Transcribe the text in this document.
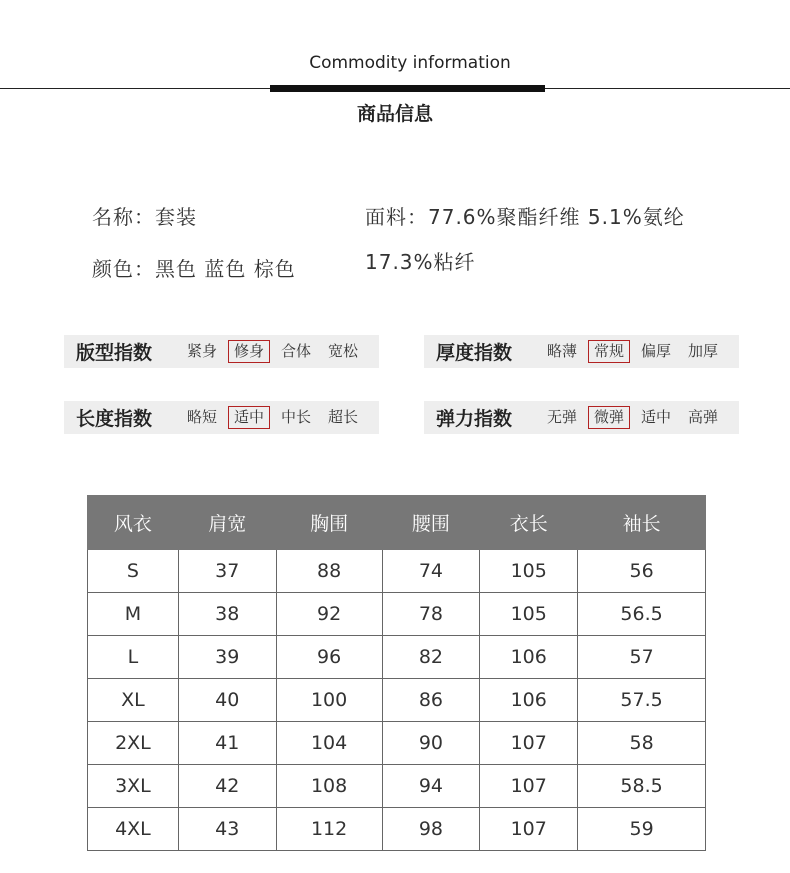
Commodity information
商品信息
名称：套装
颜色：黑色 蓝色 棕色
面料：77.6%聚酯纤维 5.1%氨纶
17.3%粘纤
版型指数	紧身	修身	合体	宽松	厚度指数	略薄	常规	偏厚	加厚
长度指数	略短	适中	中长	超长	弹力指数	无弹	微弹	适中	高弹
风衣	肩宽	胸围	腰围	衣长	袖长
S	37	88	74	105	56
M	38	92	78	105	56.5
L	39	96	82	106	57
XL	40	100	86	106	57.5
2XL	41	104	90	107	58
3XL	42	108	94	107	58.5
4XL	43	112	98	107	59
